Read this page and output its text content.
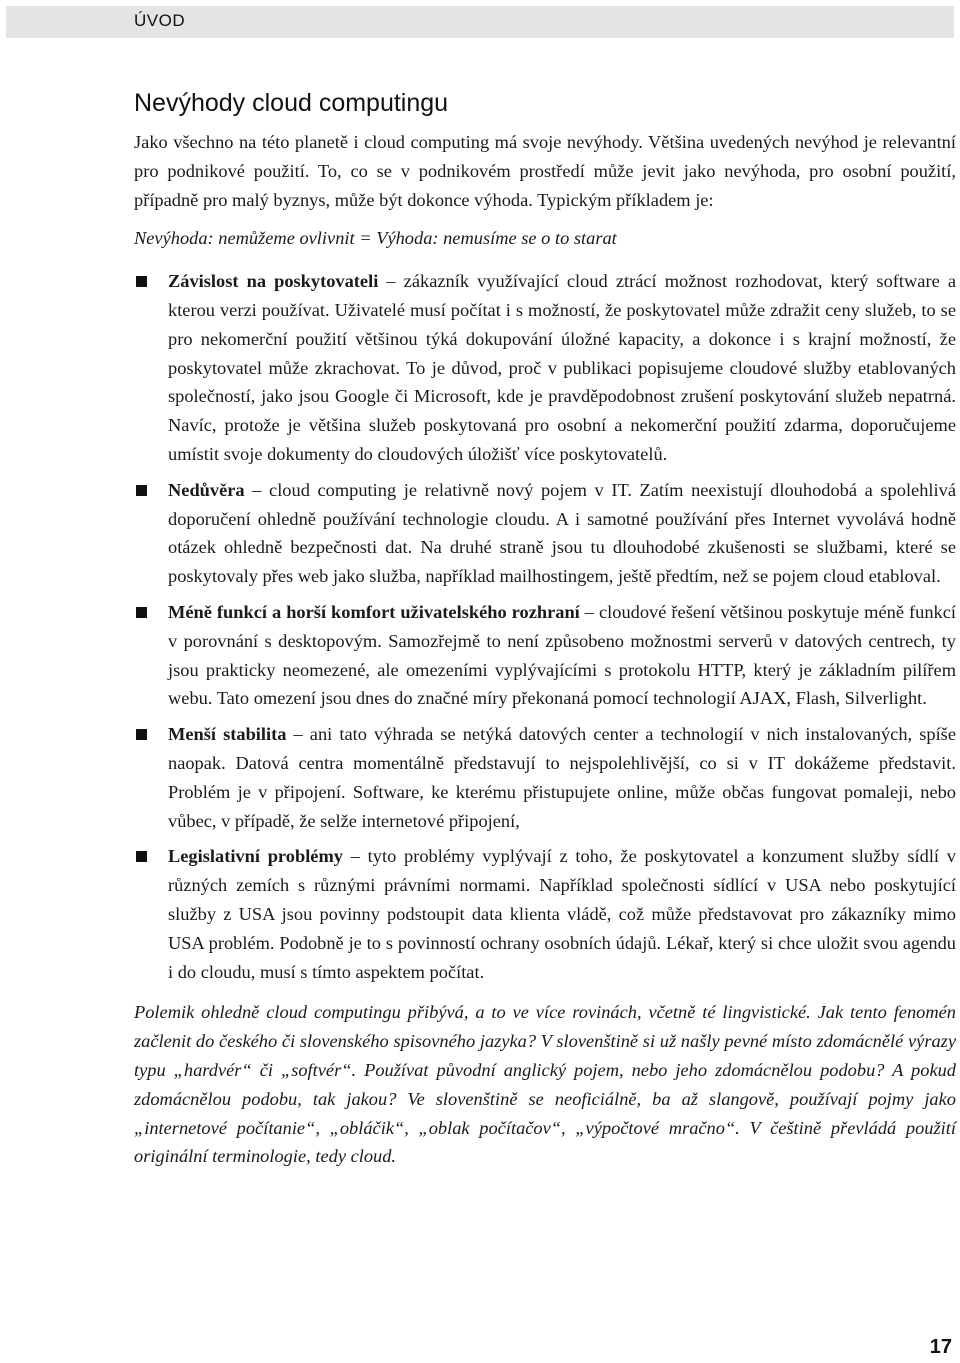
ÚVOD
Nevýhody cloud computingu

Jako všechno na této planetě i cloud computing má svoje nevýhody. Většina uvedených nevýhod je relevantní pro podnikové použití. To, co se v podnikovém prostředí může jevit jako nevýhoda, pro osobní použití, případně pro malý byznys, může být dokonce výhoda. Typickým příkladem je:

Nevýhoda: nemůžeme ovlivnit = Výhoda: nemusíme se o to starat

Závislost na poskytovateli – zákazník využívající cloud ztrácí možnost rozhodovat, který software a kterou verzi používat. Uživatelé musí počítat i s možností, že poskytovatel může zdražit ceny služeb, to se pro nekomerční použití většinou týká dokupování úložné kapacity, a dokonce i s krajní možností, že poskytovatel může zkrachovat. To je důvod, proč v publikaci popisujeme cloudové služby etablovaných společností, jako jsou Google či Microsoft, kde je pravděpodobnost zrušení poskytování služeb nepatrná. Navíc, protože je většina služeb poskytovaná pro osobní a nekomerční použití zdarma, doporučujeme umístit svoje dokumenty do cloudových úložišť více poskytovatelů.
Nedůvěra – cloud computing je relativně nový pojem v IT. Zatím neexistují dlouhodobá a spolehlivá doporučení ohledně používání technologie cloudu. A i samotné používání přes Internet vyvolává hodně otázek ohledně bezpečnosti dat. Na druhé straně jsou tu dlouhodobé zkušenosti se službami, které se poskytovaly přes web jako služba, například mailhostingem, ještě předtím, než se pojem cloud etabloval.
Méně funkcí a horší komfort uživatelského rozhraní – cloudové řešení většinou poskytuje méně funkcí v porovnání s desktopovým. Samozřejmě to není způsobeno možnostmi serverů v datových centrech, ty jsou prakticky neomezené, ale omezeními vyplývajícími s protokolu HTTP, který je základním pilířem webu. Tato omezení jsou dnes do značné míry překonaná pomocí technologií AJAX, Flash, Silverlight.
Menší stabilita – ani tato výhrada se netýká datových center a technologií v nich instalovaných, spíše naopak. Datová centra momentálně představují to nejspolehlivější, co si v IT dokážeme představit. Problém je v připojení. Software, ke kterému přistupujete online, může občas fungovat pomaleji, nebo vůbec, v případě, že selže internetové připojení,
Legislativní problémy – tyto problémy vyplývají z toho, že poskytovatel a konzument služby sídlí v různých zemích s různými právními normami. Například společnosti sídlící v USA nebo poskytující služby z USA jsou povinny podstoupit data klienta vládě, což může představovat pro zákazníky mimo USA problém. Podobně je to s povinností ochrany osobních údajů. Lékař, který si chce uložit svou agendu i do cloudu, musí s tímto aspektem počítat.

Polemik ohledně cloud computingu přibývá, a to ve více rovinách, včetně té lingvistické. Jak tento fenomén začlenit do českého či slovenského spisovného jazyka? V slovenštině si už našly pevné místo zdomácnělé výrazy typu „hardvér“ či „softvér“. Používat původní anglický pojem, nebo jeho zdomácnělou podobu? A pokud zdomácnělou podobu, tak jakou? Ve slovenštině se neoficiálně, ba až slangově, používají pojmy jako „internetové počítanie“, „obláčik“, „oblak počítačov“, „výpočtové mračno“. V češtině převládá použití originální terminologie, tedy cloud.

17
